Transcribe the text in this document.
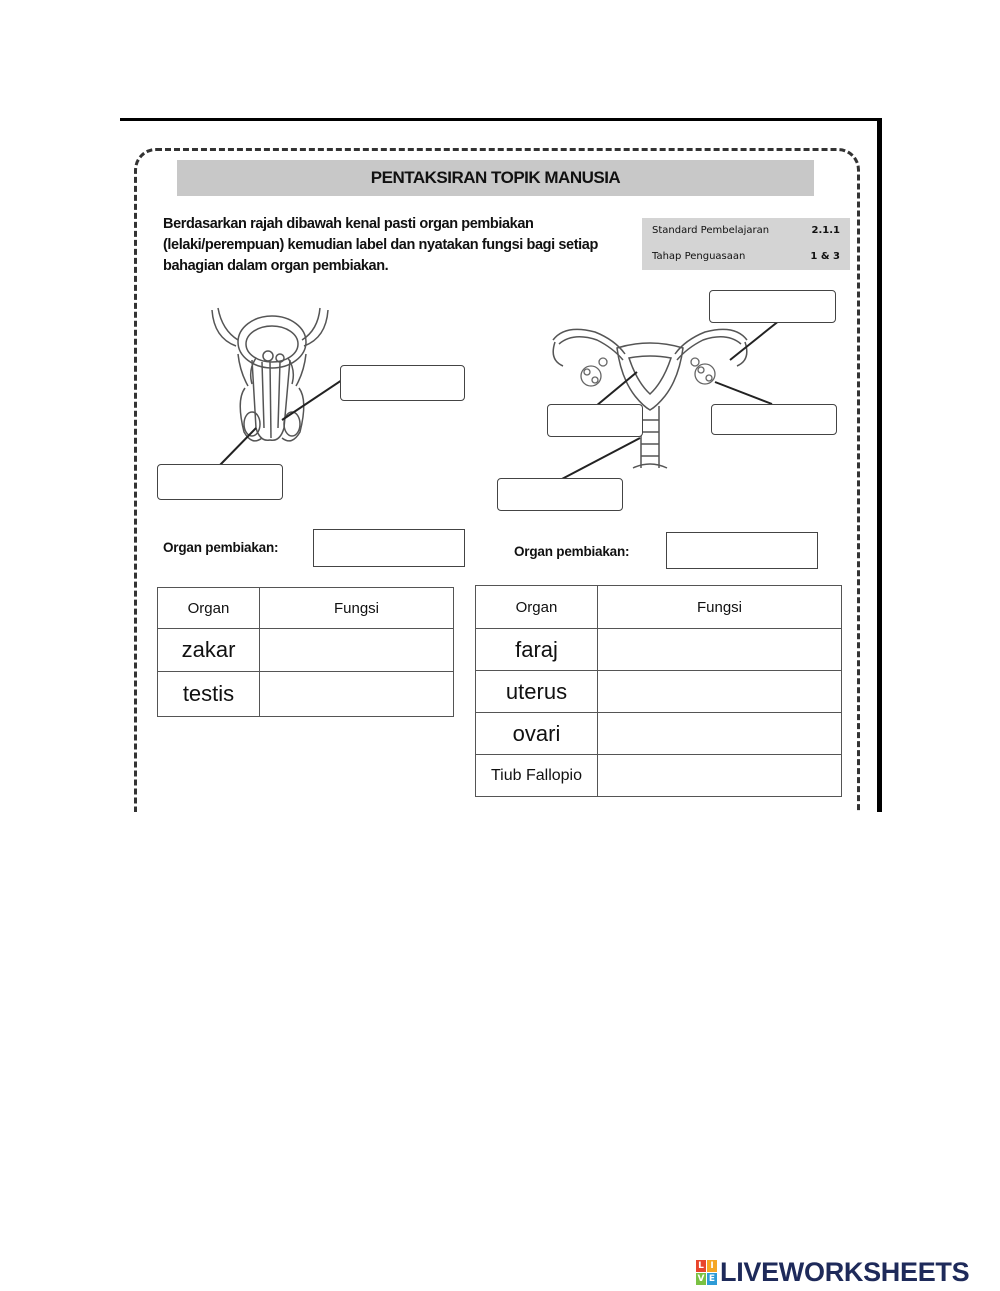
PENTAKSIRAN TOPIK MANUSIA
Berdasarkan rajah dibawah kenal pasti organ pembiakan (lelaki/perempuan) kemudian label dan nyatakan fungsi bagi setiap bahagian dalam organ pembiakan.
Standard Pembelajaran	2.1.1
Tahap Penguasaan	1 & 3
Organ pembiakan:	Organ pembiakan:
Organ	Fungsi
zakar	
testis	
Organ	Fungsi
faraj	
uterus	
ovari	
Tiub Fallopio	
L I
V E LIVEWORKSHEETS
